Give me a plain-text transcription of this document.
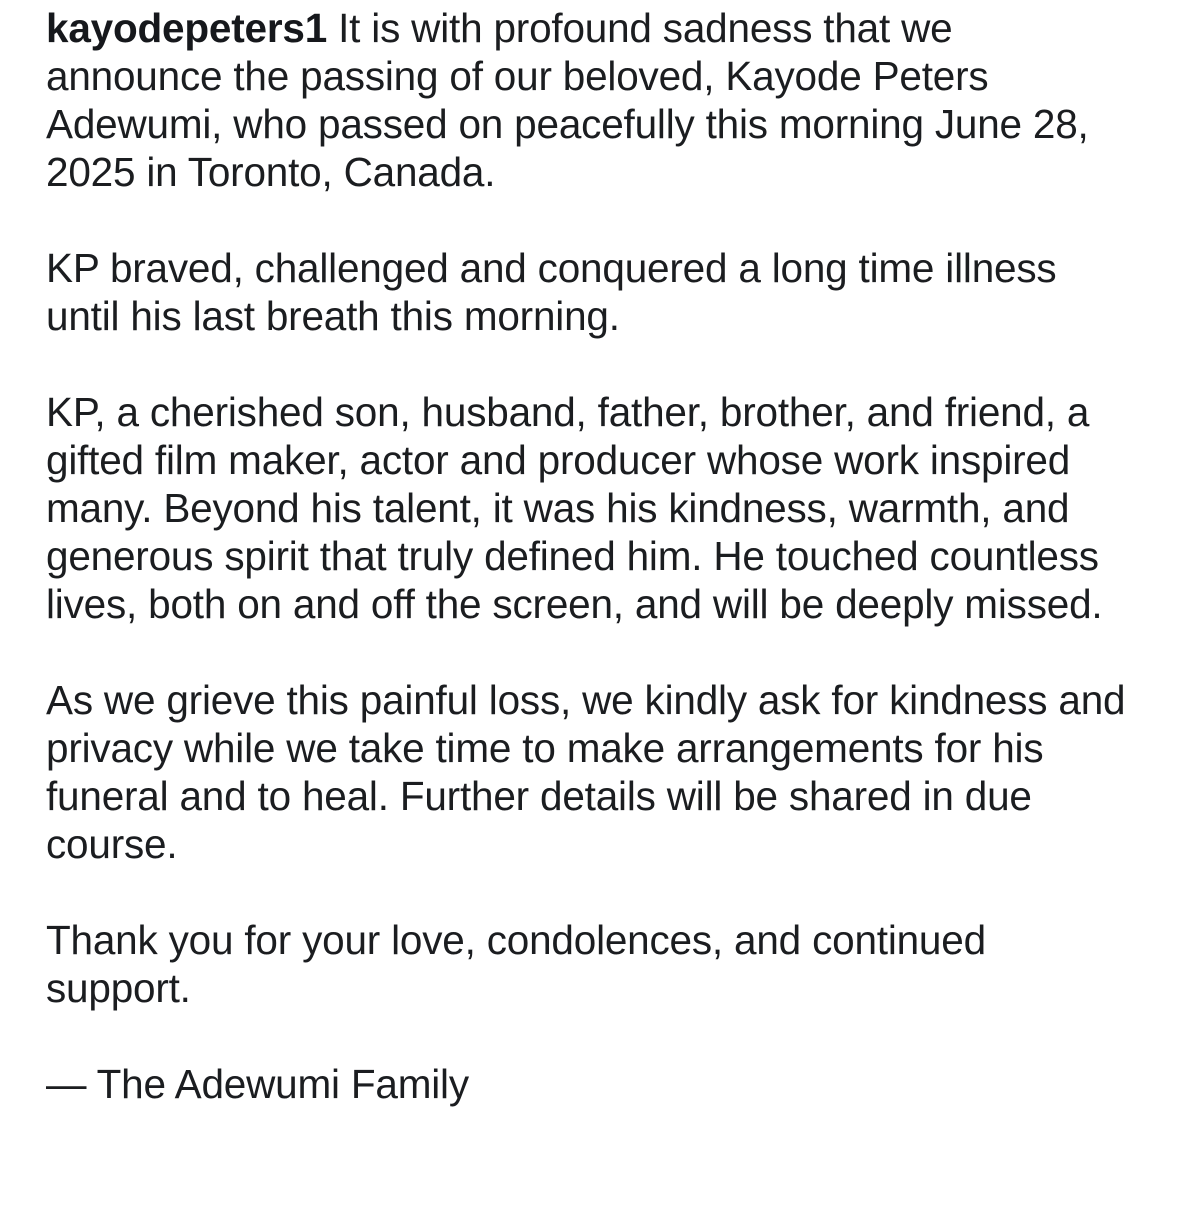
kayodepeters1 It is with profound sadness that we announce the passing of our beloved, Kayode Peters Adewumi, who passed on peacefully this morning June 28, 2025 in Toronto, Canada.

KP braved, challenged and conquered a long time illness until his last breath this morning.

KP, a cherished son, husband, father, brother, and friend, a gifted film maker, actor and producer whose work inspired many. Beyond his talent, it was his kindness, warmth, and generous spirit that truly defined him. He touched countless lives, both on and off the screen, and will be deeply missed.

As we grieve this painful loss, we kindly ask for kindness and privacy while we take time to make arrangements for his funeral and to heal. Further details will be shared in due course.

Thank you for your love, condolences, and continued support.

— The Adewumi Family
